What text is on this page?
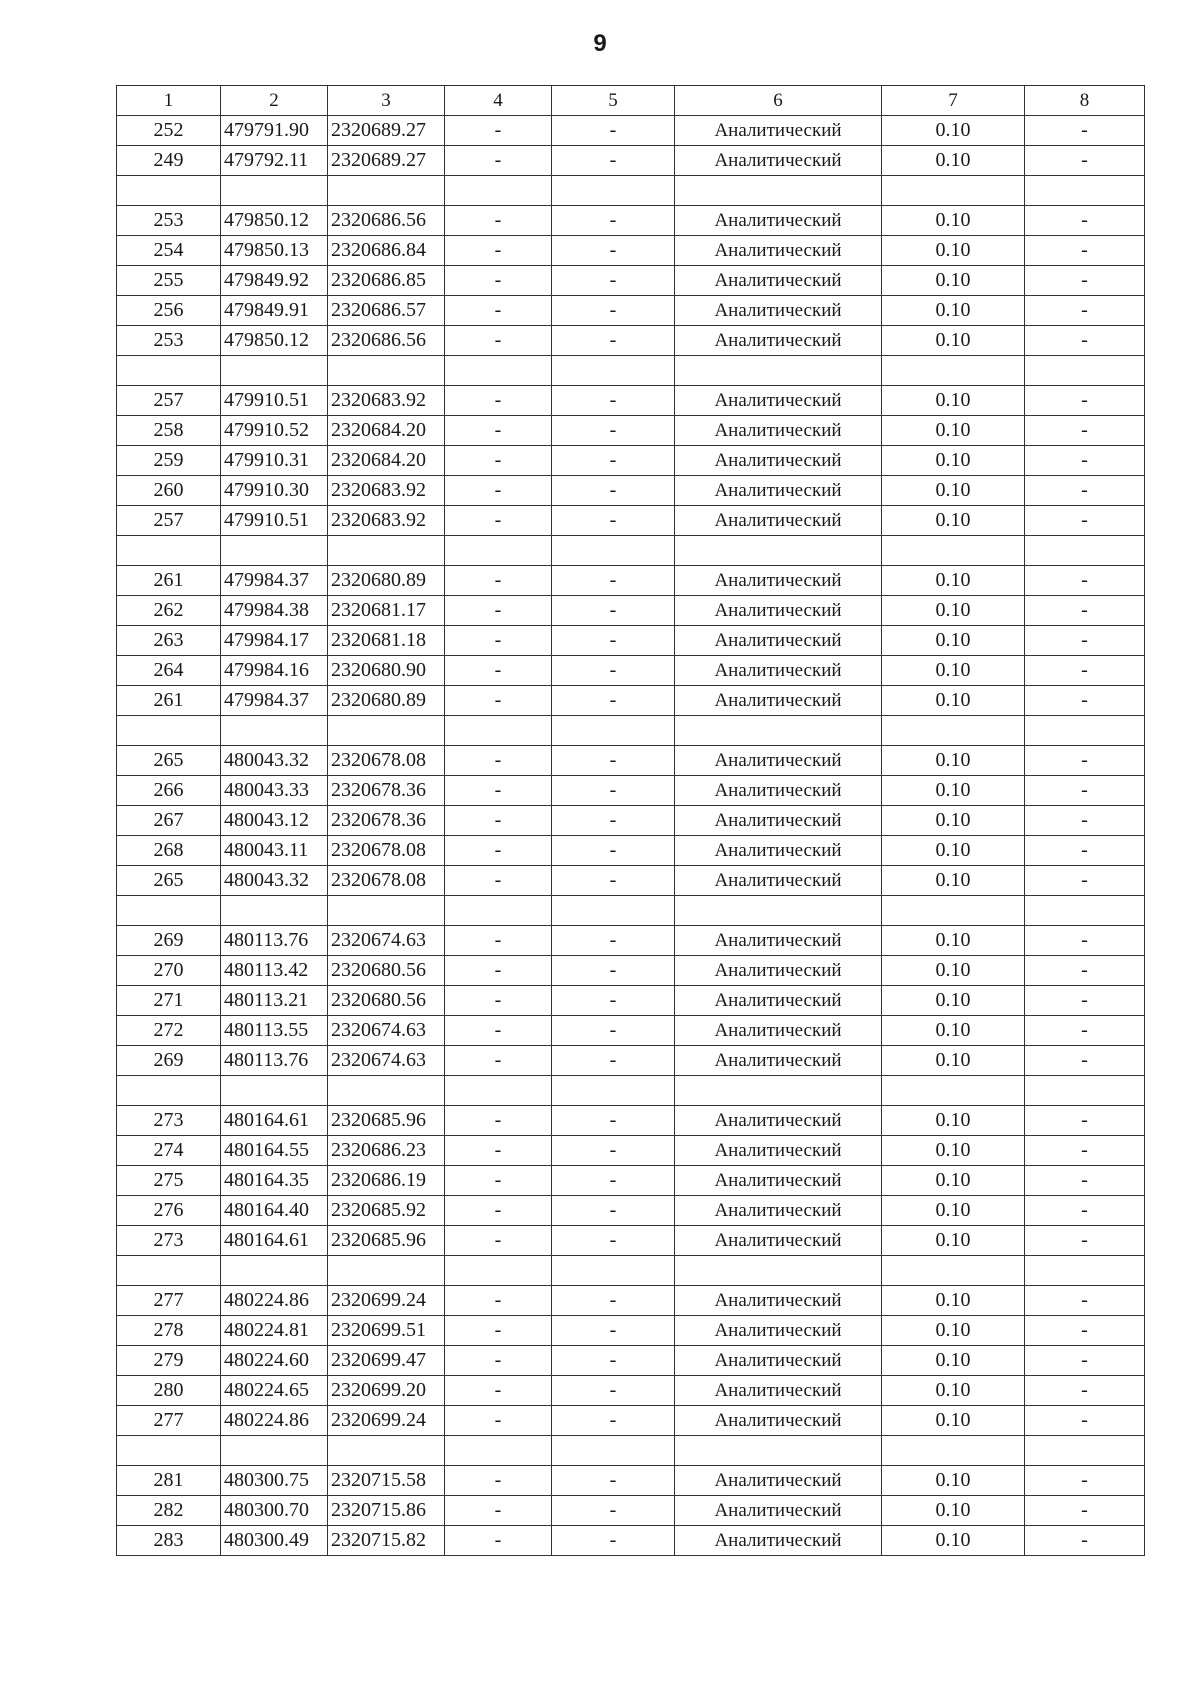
9
1	2	3	4	5	6	7	8
252	479791.90	2320689.27	-	-	Аналитический	0.10	-
249	479792.11	2320689.27	-	-	Аналитический	0.10	-

253	479850.12	2320686.56	-	-	Аналитический	0.10	-
254	479850.13	2320686.84	-	-	Аналитический	0.10	-
255	479849.92	2320686.85	-	-	Аналитический	0.10	-
256	479849.91	2320686.57	-	-	Аналитический	0.10	-
253	479850.12	2320686.56	-	-	Аналитический	0.10	-

257	479910.51	2320683.92	-	-	Аналитический	0.10	-
258	479910.52	2320684.20	-	-	Аналитический	0.10	-
259	479910.31	2320684.20	-	-	Аналитический	0.10	-
260	479910.30	2320683.92	-	-	Аналитический	0.10	-
257	479910.51	2320683.92	-	-	Аналитический	0.10	-

261	479984.37	2320680.89	-	-	Аналитический	0.10	-
262	479984.38	2320681.17	-	-	Аналитический	0.10	-
263	479984.17	2320681.18	-	-	Аналитический	0.10	-
264	479984.16	2320680.90	-	-	Аналитический	0.10	-
261	479984.37	2320680.89	-	-	Аналитический	0.10	-

265	480043.32	2320678.08	-	-	Аналитический	0.10	-
266	480043.33	2320678.36	-	-	Аналитический	0.10	-
267	480043.12	2320678.36	-	-	Аналитический	0.10	-
268	480043.11	2320678.08	-	-	Аналитический	0.10	-
265	480043.32	2320678.08	-	-	Аналитический	0.10	-

269	480113.76	2320674.63	-	-	Аналитический	0.10	-
270	480113.42	2320680.56	-	-	Аналитический	0.10	-
271	480113.21	2320680.56	-	-	Аналитический	0.10	-
272	480113.55	2320674.63	-	-	Аналитический	0.10	-
269	480113.76	2320674.63	-	-	Аналитический	0.10	-

273	480164.61	2320685.96	-	-	Аналитический	0.10	-
274	480164.55	2320686.23	-	-	Аналитический	0.10	-
275	480164.35	2320686.19	-	-	Аналитический	0.10	-
276	480164.40	2320685.92	-	-	Аналитический	0.10	-
273	480164.61	2320685.96	-	-	Аналитический	0.10	-

277	480224.86	2320699.24	-	-	Аналитический	0.10	-
278	480224.81	2320699.51	-	-	Аналитический	0.10	-
279	480224.60	2320699.47	-	-	Аналитический	0.10	-
280	480224.65	2320699.20	-	-	Аналитический	0.10	-
277	480224.86	2320699.24	-	-	Аналитический	0.10	-

281	480300.75	2320715.58	-	-	Аналитический	0.10	-
282	480300.70	2320715.86	-	-	Аналитический	0.10	-
283	480300.49	2320715.82	-	-	Аналитический	0.10	-
